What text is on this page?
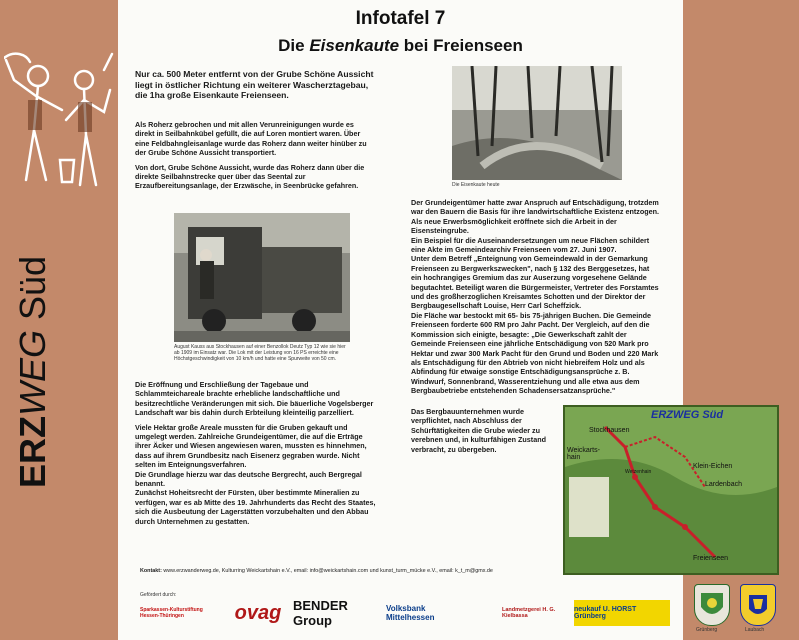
ERZWEG Süd
Infotafel 7
Die Eisenkaute bei Freienseen
Nur ca. 500 Meter entfernt von der Grube Schöne Aussicht liegt in östlicher Richtung ein weiterer Wascherztagebau, die 1ha große Eisenkaute Freienseen.

Als Roherz gebrochen und mit allen Verunreinigungen wurde es direkt in Seilbahnkübel gefüllt, die auf Loren montiert waren. Über eine Feldbahngleisanlage wurde das Roherz dann weiter hinüber zu der Grube Schöne Aussicht transportiert.

Von dort, Grube Schöne Aussicht, wurde das Roherz dann über die direkte Seilbahnstrecke quer über das Seental zur Erzaufbereitungsanlage, der Erzwäsche, in Seenbrücke gefahren.

August Kauss aus Stockhausen auf einer Benzollok Deutz Typ 12 wie sie hier ab 1909 im Einsatz war. Die Lok mit der Leistung von 16 PS erreichte eine Höchstgeschwindigkeit von 10 km/h und hatte eine Spurweite von 50 cm.

Die Eröffnung und Erschließung der Tagebaue und Schlammteichareale brachte erhebliche landschaftliche und besitzrechtliche Veränderungen mit sich. Die bäuerliche Vogelsberger Landschaft war bis dahin durch Erbteilung kleinteilig parzelliert.

Viele Hektar große Areale mussten für die Gruben gekauft und umgelegt werden. Zahlreiche Grundeigentümer, die auf die Erträge ihrer Äcker und Wiesen angewiesen waren, mussten es hinnehmen, dass auf ihrem Grundbesitz nach Eisenerz gegraben wurde. Nicht selten im Enteignungsverfahren.
Die Grundlage hierzu war das deutsche Bergrecht, auch Bergregal benannt.
Zunächst Hoheitsrecht der Fürsten, über bestimmte Mineralien zu verfügen, war es ab Mitte des 19. Jahrhunderts das Recht des Staates, sich die Ausbeutung der Lagerstätten vorzubehalten und den Abbau durch Unternehmen zu gestatten.

Die Eisenkaute heute

Der Grundeigentümer hatte zwar Anspruch auf Entschädigung, trotzdem war den Bauern die Basis für ihre landwirtschaftliche Existenz entzogen. Als neue Erwerbsmöglichkeit eröffnete sich die Arbeit in der Eisensteingrube.
Ein Beispiel für die Auseinandersetzungen um neue Flächen schildert eine Akte im Gemeindearchiv Freienseen vom 27. Juni 1907.
Unter dem Betreff „Enteignung von Gemeindewald in der Gemarkung Freienseen zu Bergwerkszwecken", nach § 132 des Berggesetzes, hat ein hochrangiges Gremium das zur Auserzung vorgesehene Gelände begutachtet. Beteiligt waren die Bürgermeister, Vertreter des Forstamtes und des großherzoglichen Kreisamtes Schotten und der Direktor der Bergbaugesellschaft Louise, Herr Carl Scheffzick.
Die Fläche war bestockt mit 65- bis 75-jährigen Buchen. Die Gemeinde Freienseen forderte 600 RM pro Jahr Pacht. Der Vergleich, auf den die Kommission sich einigte, besagte: „Die Gewerkschaft zahlt der Gemeinde Freienseen eine jährliche Entschädigung von 520 Mark pro Hektar und zwar 300 Mark Pacht für den Grund und Boden und 220 Mark als Entschädigung für den Abtrieb von nicht hiebreifem Holz und als Abfindung für etwaige sonstige Entschädigungsansprüche z. B. Windwurf, Sonnenbrand, Wasserentziehung und alle etwa aus dem Bergbaubetriebe entstehenden Schadensersatzansprüche."

Das Bergbauunternehmen wurde verpflichtet, nach Abschluss der Schürftätigkeiten die Grube wieder zu verebnen und, in kulturfähigen Zustand verbracht, zu übergeben.
Kontakt: www.erzwanderweg.de, Kulturring Weickartshain e.V., email: info@weickartshain.com und kunst_turm_mücke e.V., email: k_t_m@gmx.de
Gefördert durch:
Sparkassen-Kulturstiftung Hessen-Thüringen	ovag BENDER Group
Volksbank Mittelhessen
Landmetzgerei H. G. Kielbassa
neukauf U. HORST Grünberg
ERZWEG Süd
Stockhausen
Klein-Eichen
Wetzenhain
Lardenbach
Weickarts-hain
Freienseen
Grünberg	Laubach
